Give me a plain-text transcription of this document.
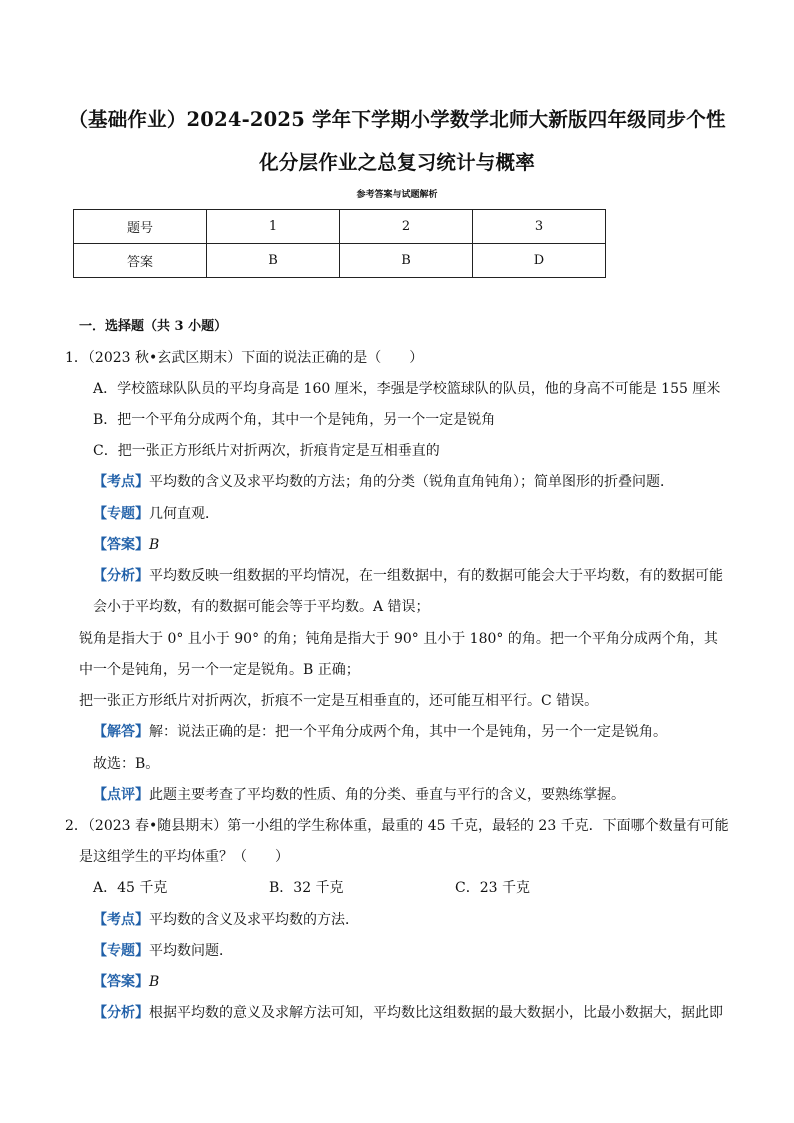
（基础作业）2024-2025 学年下学期小学数学北师大新版四年级同步个性
化分层作业之总复习统计与概率
参考答案与试题解析
题号	1	2	3
答案	B	B	D
一．选择题（共 3 小题）
1．（2023 秋•玄武区期末）下面的说法正确的是（　　）
A．学校篮球队队员的平均身高是 160 厘米，李强是学校篮球队的队员，他的身高不可能是 155 厘米
B．把一个平角分成两个角，其中一个是钝角，另一个一定是锐角
C．把一张正方形纸片对折两次，折痕肯定是互相垂直的
【考点】平均数的含义及求平均数的方法；角的分类（锐角直角钝角）；简单图形的折叠问题．
【专题】几何直观．
【答案】B
【分析】平均数反映一组数据的平均情况，在一组数据中，有的数据可能会大于平均数，有的数据可能
会小于平均数，有的数据可能会等于平均数。A 错误；
锐角是指大于 0° 且小于 90° 的角；钝角是指大于 90° 且小于 180° 的角。把一个平角分成两个角，其
中一个是钝角，另一个一定是锐角。B 正确；
把一张正方形纸片对折两次，折痕不一定是互相垂直的，还可能互相平行。C 错误。
【解答】解：说法正确的是：把一个平角分成两个角，其中一个是钝角，另一个一定是锐角。
故选：B。
【点评】此题主要考查了平均数的性质、角的分类、垂直与平行的含义，要熟练掌握。
2．（2023 春•随县期末）第一小组的学生称体重，最重的 45 千克，最轻的 23 千克．下面哪个数量有可能
是这组学生的平均体重？（　　）
A．45 千克	B．32 千克	C．23 千克
【考点】平均数的含义及求平均数的方法．
【专题】平均数问题．
【答案】B
【分析】根据平均数的意义及求解方法可知，平均数比这组数据的最大数据小，比最小数据大，据此即
